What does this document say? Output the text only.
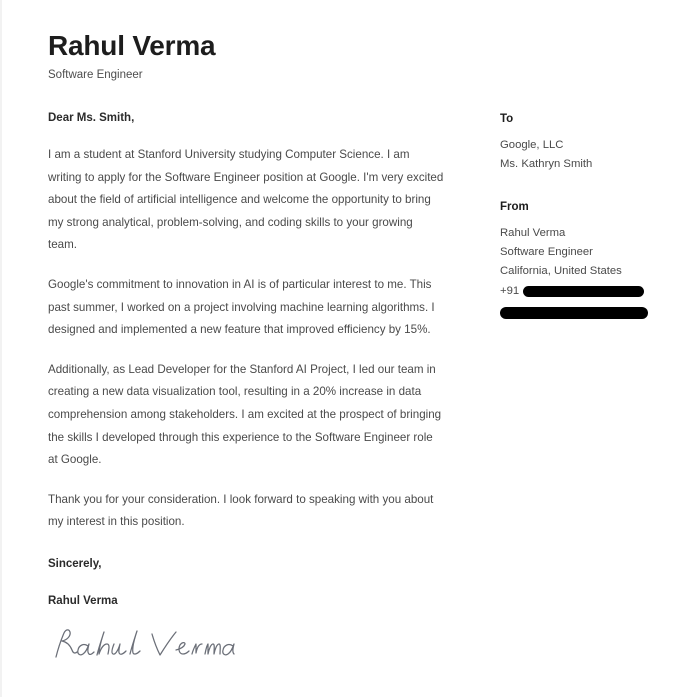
Rahul Verma
Software Engineer

Dear Ms. Smith,

I am a student at Stanford University studying Computer Science. I am writing to apply for the Software Engineer position at Google. I'm very excited about the field of artificial intelligence and welcome the opportunity to bring my strong analytical, problem-solving, and coding skills to your growing team.

Google's commitment to innovation in AI is of particular interest to me. This past summer, I worked on a project involving machine learning algorithms. I designed and implemented a new feature that improved efficiency by 15%.

Additionally, as Lead Developer for the Stanford AI Project, I led our team in creating a new data visualization tool, resulting in a 20% increase in data comprehension among stakeholders. I am excited at the prospect of bringing the skills I developed through this experience to the Software Engineer role at Google.

Thank you for your consideration. I look forward to speaking with you about my interest in this position.

Sincerely,

Rahul Verma

To
Google, LLC
Ms. Kathryn Smith
From
Rahul Verma
Software Engineer
California, United States
+91
